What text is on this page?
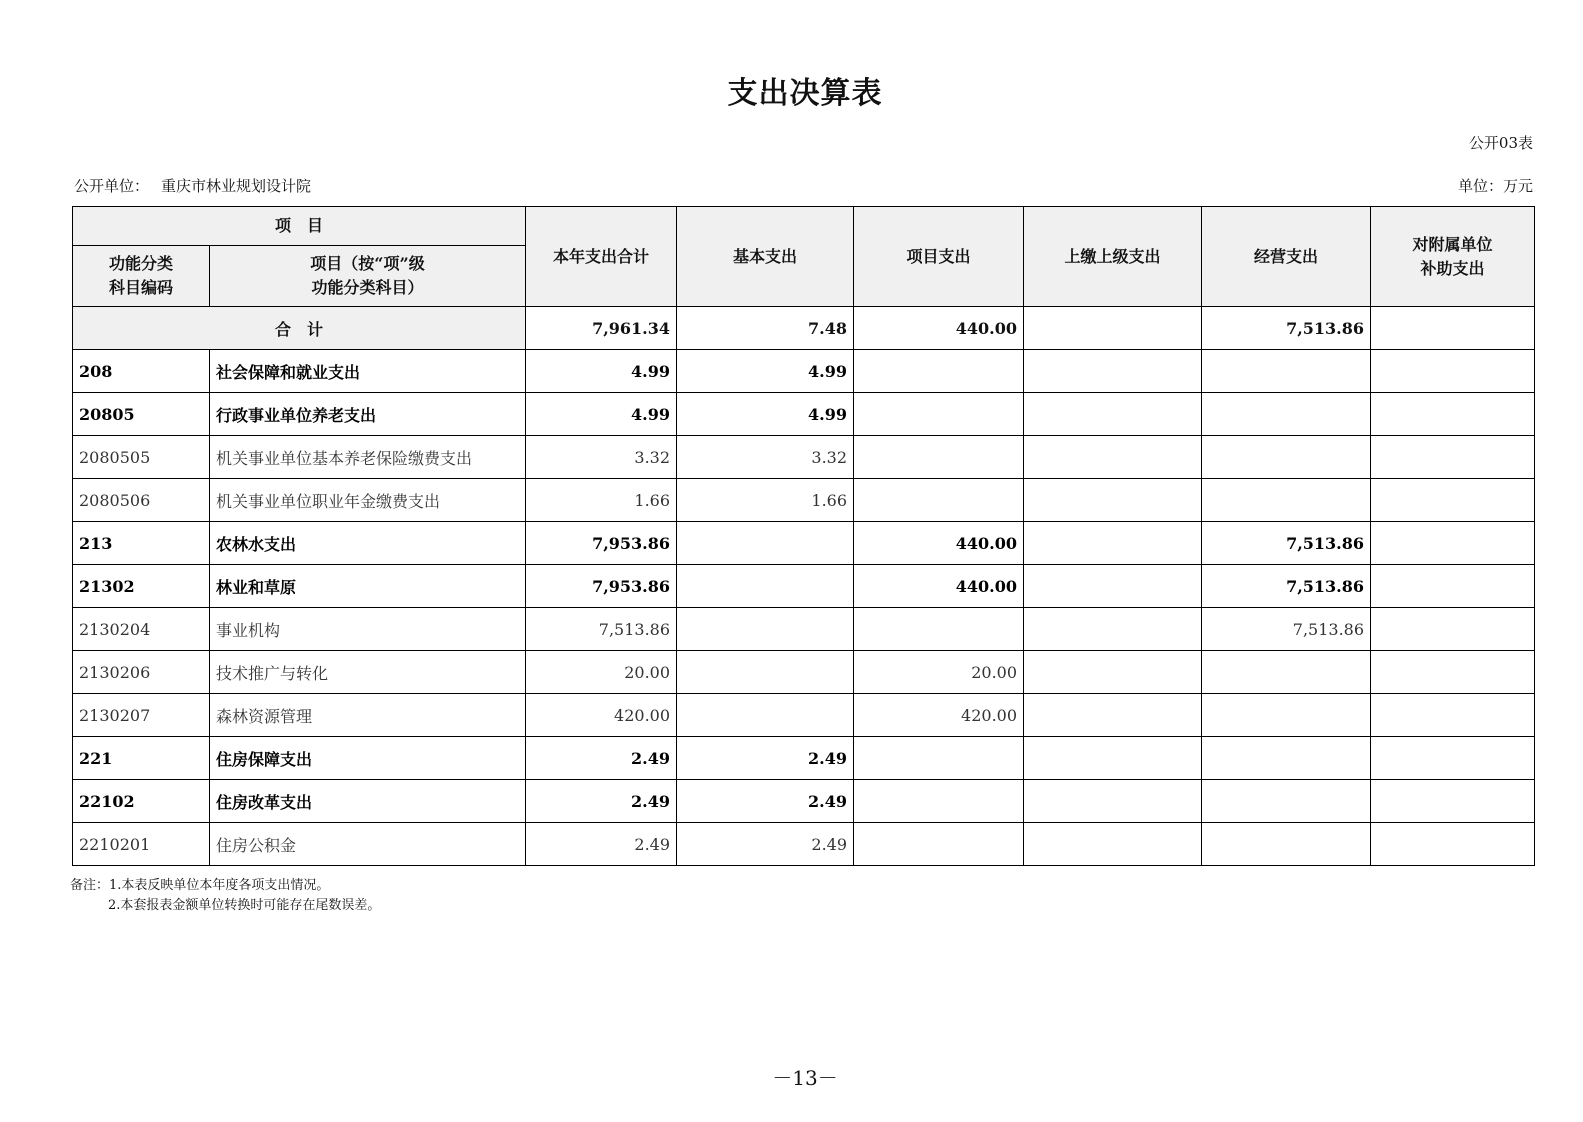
支出决算表
公开03表
公开单位： 重庆市林业规划设计院	单位：万元
项　目		本年支出合计	基本支出	项目支出	上缴上级支出	经营支出	对附属单位
补助支出
功能分类
科目编码	项目（按“项”级
功能分类科目）						
合　计		7,961.34	7.48	440.00		7,513.86	
208	社会保障和就业支出	4.99	4.99				
20805	行政事业单位养老支出	4.99	4.99				
2080505	机关事业单位基本养老保险缴费支出	3.32	3.32				
2080506	机关事业单位职业年金缴费支出	1.66	1.66				
213	农林水支出	7,953.86		440.00		7,513.86	
21302	林业和草原	7,953.86		440.00		7,513.86	
2130204	事业机构	7,513.86				7,513.86	
2130206	技术推广与转化	20.00		20.00			
2130207	森林资源管理	420.00		420.00			
221	住房保障支出	2.49	2.49				
22102	住房改革支出	2.49	2.49				
2210201	住房公积金	2.49	2.49				
备注：1.本表反映单位本年度各项支出情况。
2.本套报表金额单位转换时可能存在尾数误差。
－13－
